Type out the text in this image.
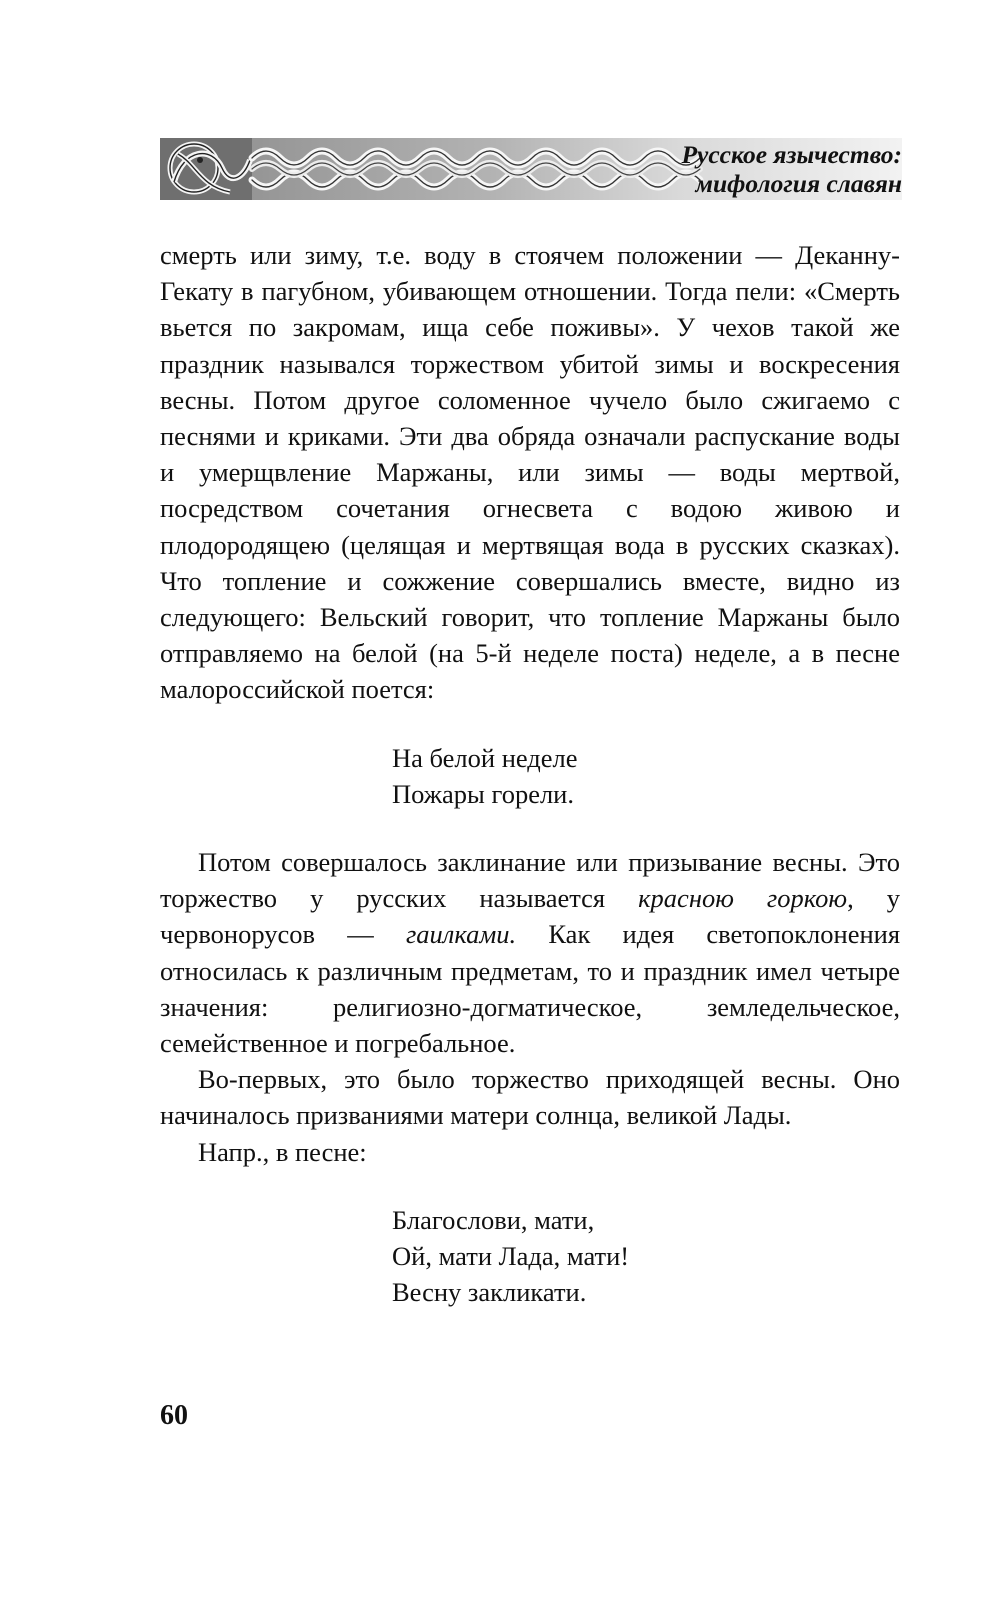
Русское язычество:
мифология славян

смерть или зиму, т.е. воду в стоячем положении — Деканну-Гекату в пагубном, убивающем отношении. Тогда пели: «Смерть вьется по закромам, ища себе поживы». У чехов такой же праздник назывался торжеством убитой зимы и воскресения весны. Потом другое соломенное чучело было сжигаемо с песнями и криками. Эти два обряда означали распускание воды и умерщвление Маржаны, или зимы — воды мертвой, посредством сочетания огнесвета с водою живою и плодородящею (целящая и мертвящая вода в русских сказках). Что топление и сожжение совершались вместе, видно из следующего: Вельский говорит, что топление Маржаны было отправляемо на белой (на 5-й неделе поста) неделе, а в песне малороссийской поется:

На белой неделе
Пожары горели.

Потом совершалось заклинание или призывание весны. Это торжество у русских называется красною горкою, у червонорусов — гаилками. Как идея светопоклонения относилась к различным предметам, то и праздник имел четыре значения: религиозно-догматическое, земледельческое, семейственное и погребальное.

Во-первых, это было торжество приходящей весны. Оно начиналось призваниями матери солнца, великой Лады.

Напр., в песне:

Благослови, мати,
Ой, мати Лада, мати!
Весну закликати.
60
